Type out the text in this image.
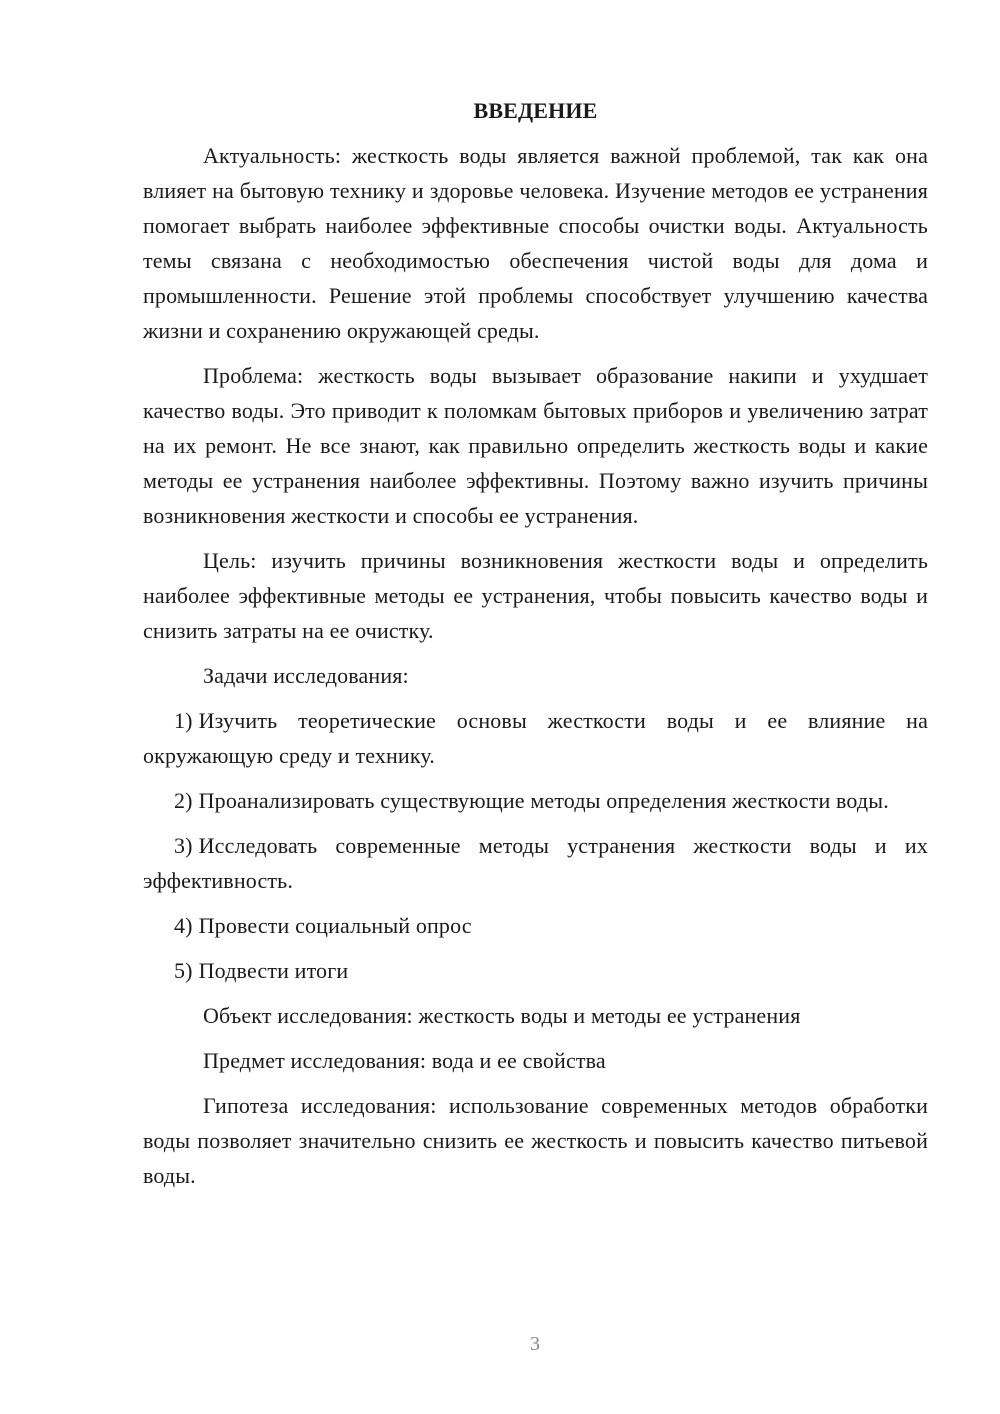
ВВЕДЕНИЕ

Актуальность: жесткость воды является важной проблемой, так как она влияет на бытовую технику и здоровье человека. Изучение методов ее устранения помогает выбрать наиболее эффективные способы очистки воды. Актуальность темы связана с необходимостью обеспечения чистой воды для дома и промышленности. Решение этой проблемы способствует улучшению качества жизни и сохранению окружающей среды.

Проблема: жесткость воды вызывает образование накипи и ухудшает качество воды. Это приводит к поломкам бытовых приборов и увеличению затрат на их ремонт. Не все знают, как правильно определить жесткость воды и какие методы ее устранения наиболее эффективны. Поэтому важно изучить причины возникновения жесткости и способы ее устранения.

Цель: изучить причины возникновения жесткости воды и определить наиболее эффективные методы ее устранения, чтобы повысить качество воды и снизить затраты на ее очистку.

Задачи исследования:

1) Изучить теоретические основы жесткости воды и ее влияние на окружающую среду и технику.

2) Проанализировать существующие методы определения жесткости воды.

3) Исследовать современные методы устранения жесткости воды и их эффективность.

4) Провести социальный опрос

5) Подвести итоги

Объект исследования: жесткость воды и методы ее устранения

Предмет исследования: вода и ее свойства

Гипотеза исследования: использование современных методов обработки воды позволяет значительно снизить ее жесткость и повысить качество питьевой воды.

3
